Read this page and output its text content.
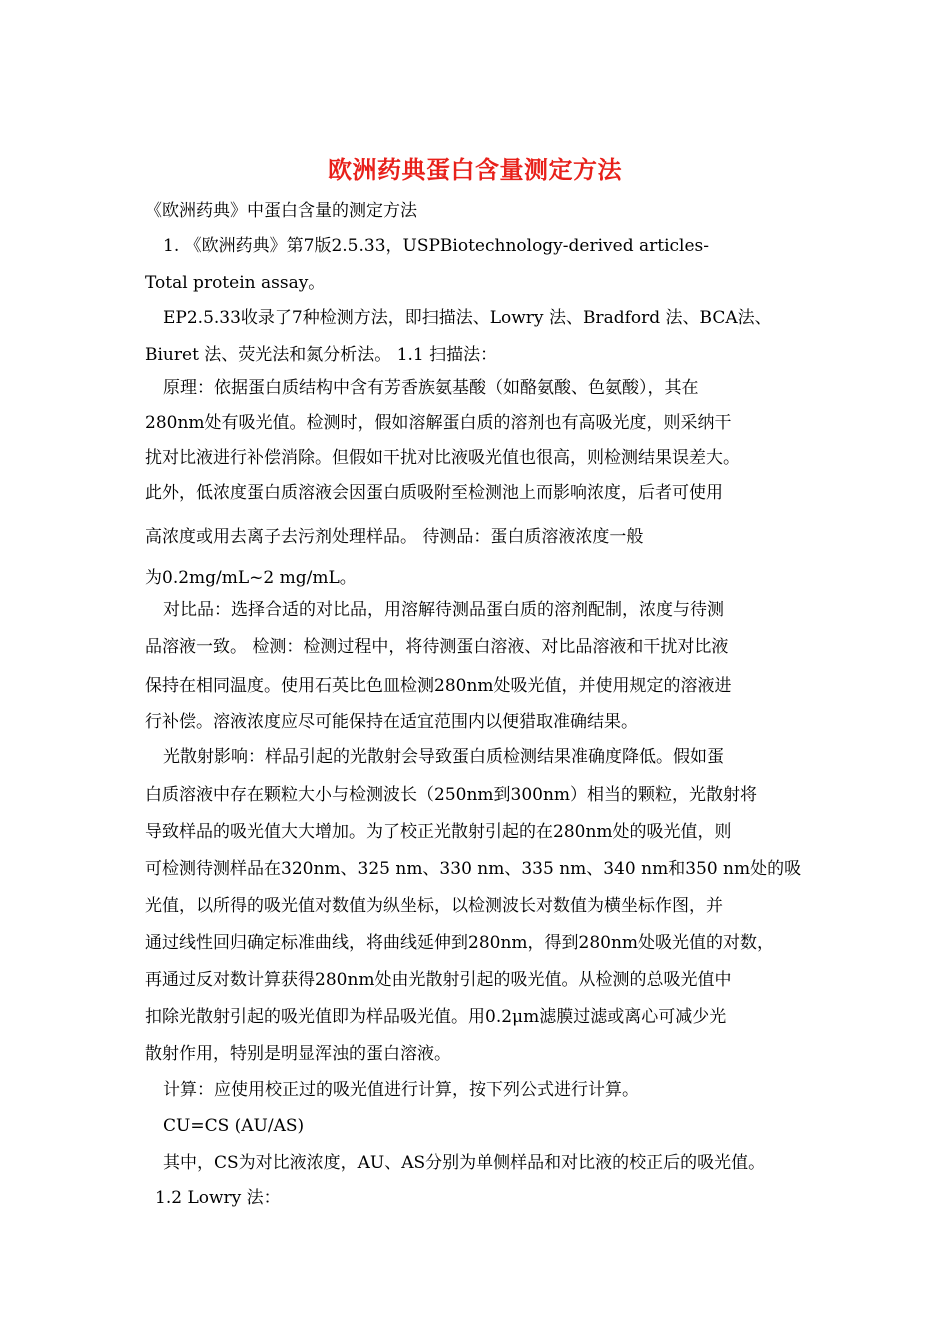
欧洲药典蛋白含量测定方法
《欧洲药典》中蛋白含量的测定方法
1. 《欧洲药典》第7版2.5.33，USPBiotechnology-derived articles-
Total protein assay。
EP2.5.33收录了7种检测方法，即扫描法、Lowry 法、Bradford 法、BCA法、
Biuret 法、荧光法和氮分析法。 1.1 扫描法：
原理：依据蛋白质结构中含有芳香族氨基酸（如酪氨酸、色氨酸），其在
280nm处有吸光值。检测时，假如溶解蛋白质的溶剂也有高吸光度，则采纳干
扰对比液进行补偿消除。但假如干扰对比液吸光值也很高，则检测结果误差大。
此外，低浓度蛋白质溶液会因蛋白质吸附至检测池上而影响浓度，后者可使用
高浓度或用去离子去污剂处理样品。 待测品：蛋白质溶液浓度一般
为0.2mg/mL~2 mg/mL。
对比品：选择合适的对比品，用溶解待测品蛋白质的溶剂配制，浓度与待测
品溶液一致。 检测：检测过程中，将待测蛋白溶液、对比品溶液和干扰对比液
保持在相同温度。使用石英比色皿检测280nm处吸光值，并使用规定的溶液进
行补偿。溶液浓度应尽可能保持在适宜范围内以便猎取准确结果。
光散射影响：样品引起的光散射会导致蛋白质检测结果准确度降低。假如蛋
白质溶液中存在颗粒大小与检测波长（250nm到300nm）相当的颗粒，光散射将
导致样品的吸光值大大增加。为了校正光散射引起的在280nm处的吸光值，则
可检测待测样品在320nm、325 nm、330 nm、335 nm、340 nm和350 nm处的吸
光值，以所得的吸光值对数值为纵坐标，以检测波长对数值为横坐标作图，并
通过线性回归确定标准曲线，将曲线延伸到280nm，得到280nm处吸光值的对数，
再通过反对数计算获得280nm处由光散射引起的吸光值。从检测的总吸光值中
扣除光散射引起的吸光值即为样品吸光值。用0.2μm滤膜过滤或离心可减少光
散射作用，特别是明显浑浊的蛋白溶液。
计算：应使用校正过的吸光值进行计算，按下列公式进行计算。
CU=CS (AU/AS)
其中，CS为对比液浓度，AU、AS分别为单侧样品和对比液的校正后的吸光值。
1.2 Lowry 法：
